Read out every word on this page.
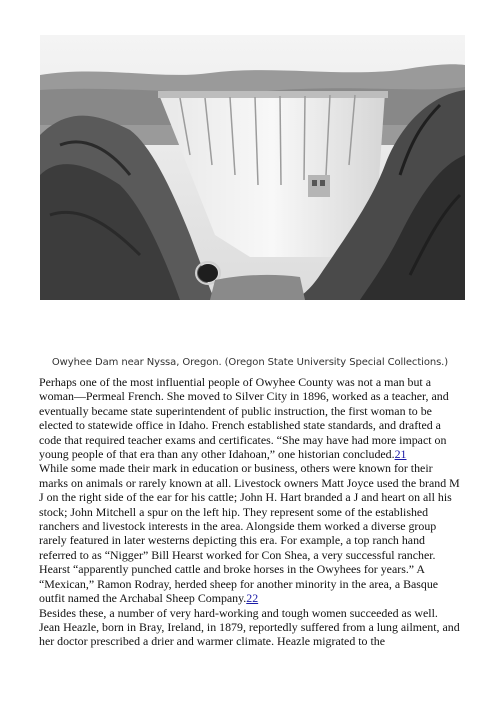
Owyhee Dam near Nyssa, Oregon. (Oregon State University Special Collections.)

Perhaps one of the most influential people of Owyhee County was not a man but a woman—Permeal French. She moved to Silver City in 1896, worked as a teacher, and eventually became state superintendent of public instruction, the first woman to be elected to statewide office in Idaho. French established state standards, and drafted a code that required teacher exams and certificates. “She may have had more impact on young people of that era than any other Idahoan,” one historian concluded.21

While some made their mark in education or business, others were known for their marks on animals or rarely known at all. Livestock owners Matt Joyce used the brand M J on the right side of the ear for his cattle; John H. Hart branded a J and heart on all his stock; John Mitchell a spur on the left hip. They represent some of the established ranchers and livestock interests in the area. Alongside them worked a diverse group rarely featured in later westerns depicting this era. For example, a top ranch hand referred to as “Nigger” Bill Hearst worked for Con Shea, a very successful rancher. Hearst “apparently punched cattle and broke horses in the Owyhees for years.” A “Mexican,” Ramon Rodray, herded sheep for another minority in the area, a Basque outfit named the Archabal Sheep Company.22

Besides these, a number of very hard-working and tough women succeeded as well. Jean Heazle, born in Bray, Ireland, in 1879, reportedly suffered from a lung ailment, and her doctor prescribed a drier and warmer climate. Heazle migrated to the
